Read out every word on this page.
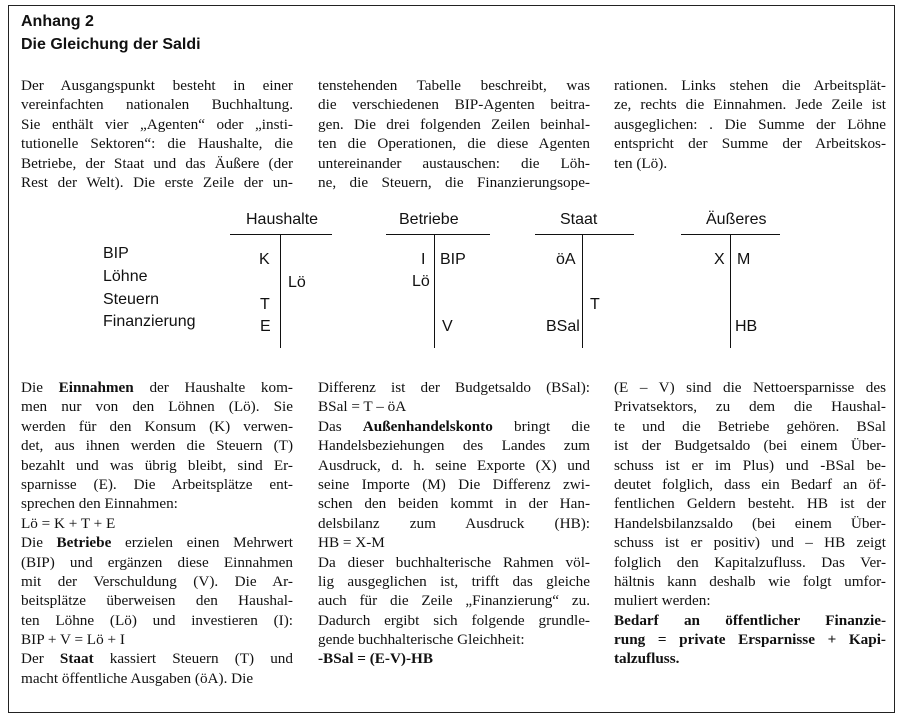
Anhang 2
Die Gleichung der Saldi
Der Ausgangspunkt besteht in einer
vereinfachten nationalen Buchhaltung.
Sie enthält vier „Agenten“ oder „insti-
tutionelle Sektoren“: die Haushalte, die
Betriebe, der Staat und das Äußere (der
Rest der Welt). Die erste Zeile der un-
tenstehenden Tabelle beschreibt, was
die verschiedenen BIP-Agenten beitra-
gen. Die drei folgenden Zeilen beinhal-
ten die Operationen, die diese Agenten
untereinander austauschen: die Löh-
ne, die Steuern, die Finanzierungsope-
rationen. Links stehen die Arbeitsplät-
ze, rechts die Einnahmen. Jede Zeile ist
ausgeglichen: . Die Summe der Löhne
entspricht der Summe der Arbeitskos-
ten (Lö).
BIP
Löhne
Steuern
Finanzierung
Haushalte
K
Lö
T
E
Betriebe
I BIP
Lö
V
Staat
öA
T
BSal
Äußeres
X M
HB
Die Einnahmen der Haushalte kom-
men nur von den Löhnen (Lö). Sie
werden für den Konsum (K) verwen-
det, aus ihnen werden die Steuern (T)
bezahlt und was übrig bleibt, sind Er-
sparnisse (E). Die Arbeitsplätze ent-
sprechen den Einnahmen:
Lö = K + T + E
Die Betriebe erzielen einen Mehrwert
(BIP) und ergänzen diese Einnahmen
mit der Verschuldung (V). Die Ar-
beitsplätze überweisen den Haushal-
ten Löhne (Lö) und investieren (I):
BIP + V = Lö + I
Der Staat kassiert Steuern (T) und
macht öffentliche Ausgaben (öA). Die
Differenz ist der Budgetsaldo (BSal):
BSal = T – öA
Das Außenhandelskonto bringt die
Handelsbeziehungen des Landes zum
Ausdruck, d. h. seine Exporte (X) und
seine Importe (M) Die Differenz zwi-
schen den beiden kommt in der Han-
delsbilanz zum Ausdruck (HB):
HB = X-M
Da dieser buchhalterische Rahmen völ-
lig ausgeglichen ist, trifft das gleiche
auch für die Zeile „Finanzierung“ zu.
Dadurch ergibt sich folgende grundle-
gende buchhalterische Gleichheit:
-BSal = (E-V)-HB
(E – V) sind die Nettoersparnisse des
Privatsektors, zu dem die Haushal-
te und die Betriebe gehören. BSal
ist der Budgetsaldo (bei einem Über-
schuss ist er im Plus) und -BSal be-
deutet folglich, dass ein Bedarf an öf-
fentlichen Geldern besteht. HB ist der
Handelsbilanzsaldo (bei einem Über-
schuss ist er positiv) und – HB zeigt
folglich den Kapitalzufluss. Das Ver-
hältnis kann deshalb wie folgt umfor-
muliert werden:
Bedarf an öffentlicher Finanzie-
rung = private Ersparnisse + Kapi-
talzufluss.
